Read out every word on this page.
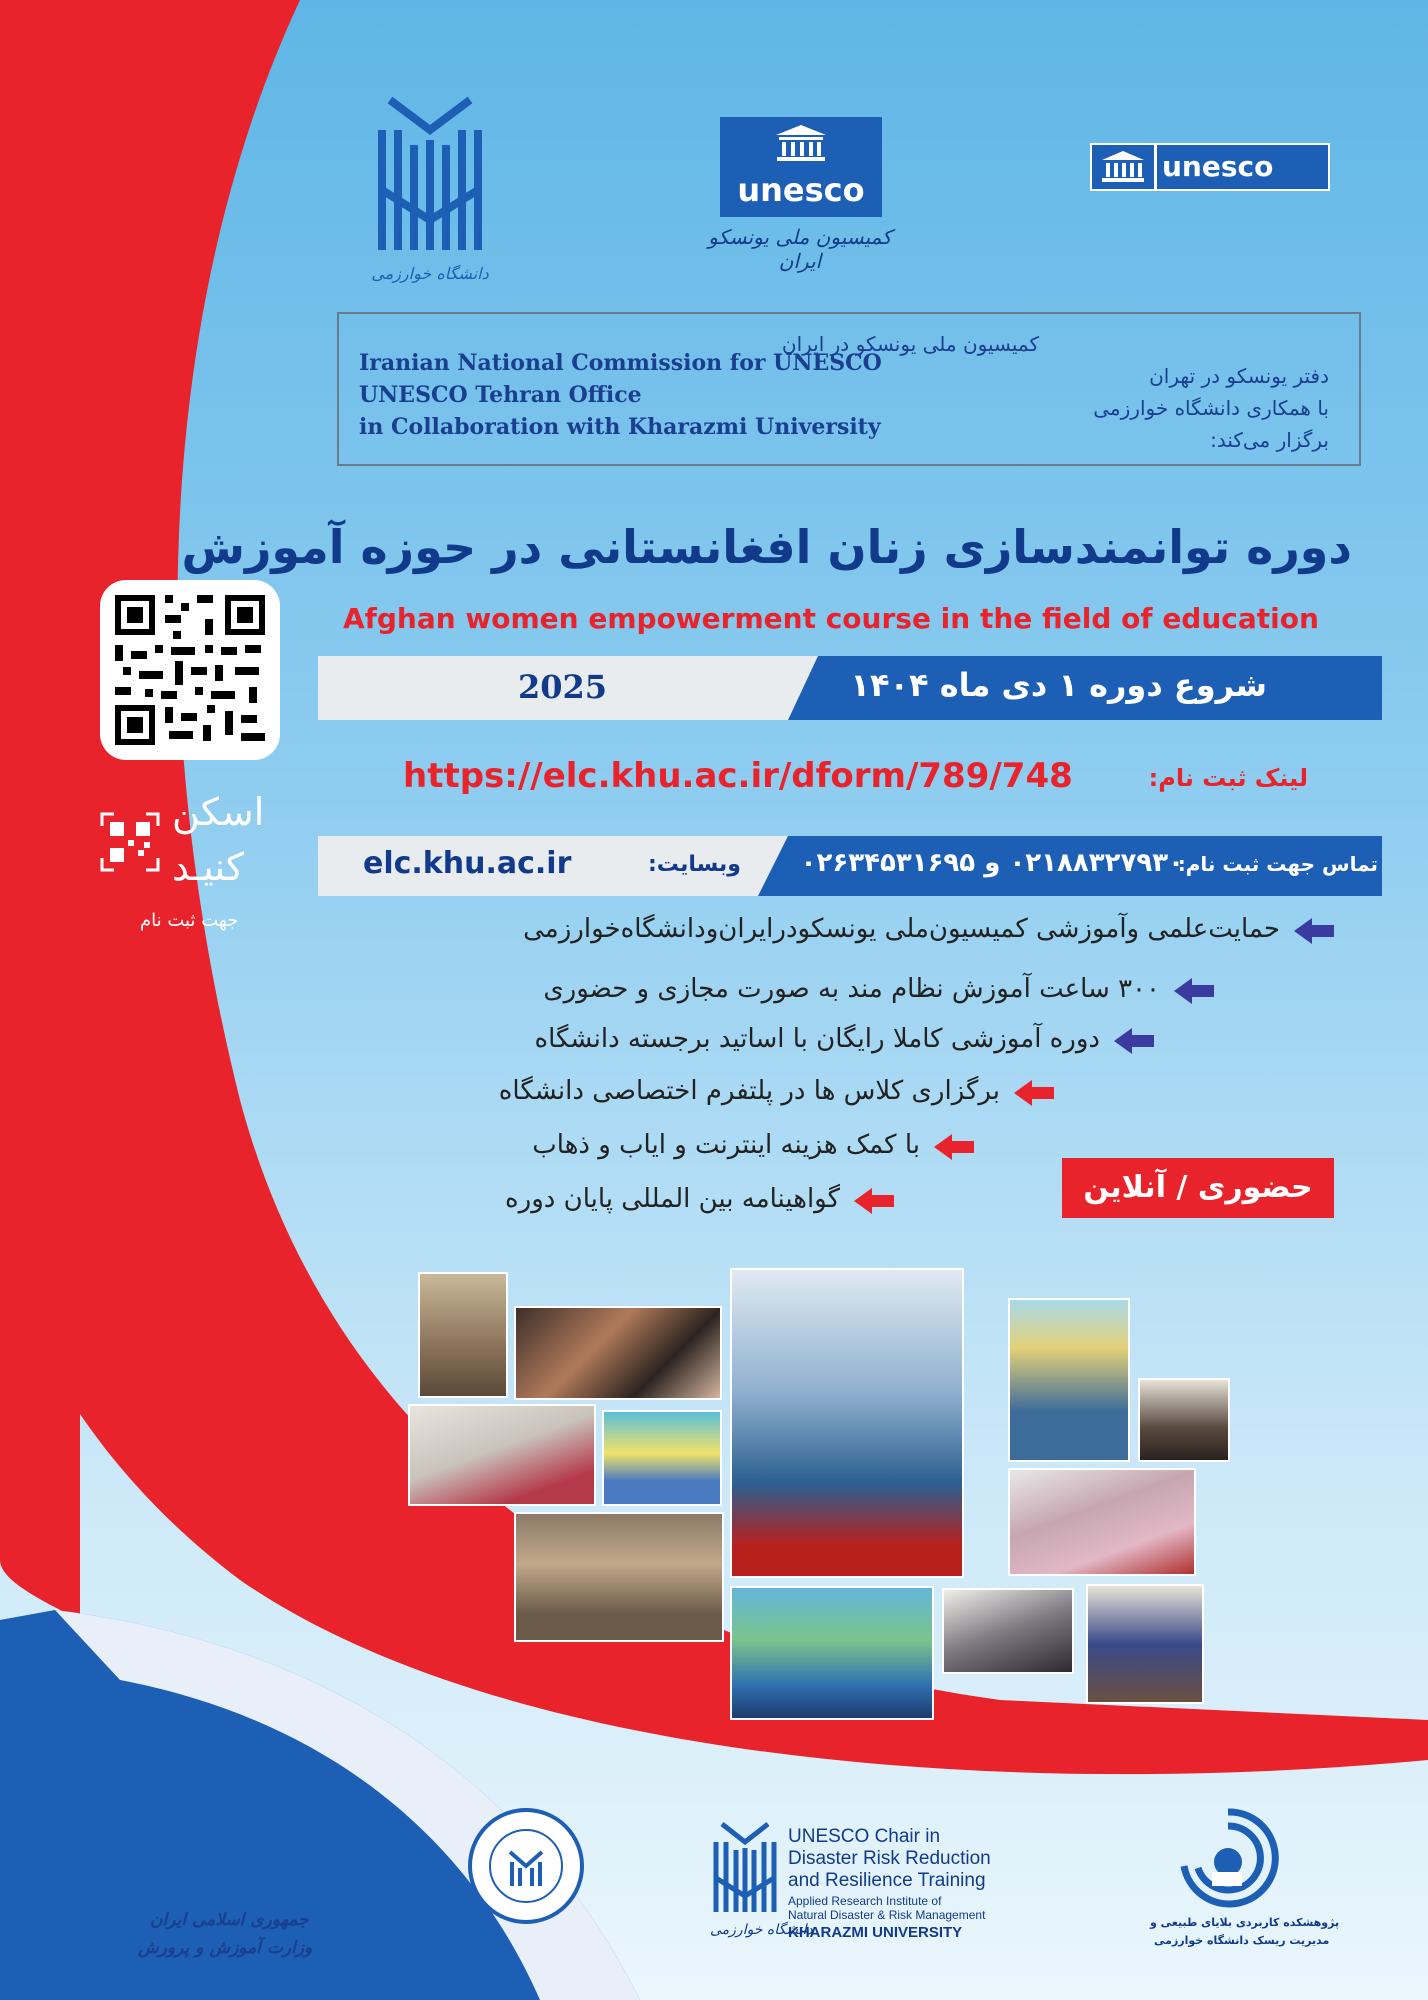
دانشگاه خوارزمی
unesco
کمیسیون ملی یونسکو ایران
unesco
Iranian National Commission for UNESCO
UNESCO Tehran Office
in Collaboration with Kharazmi University
کمیسیون ملی یونسکو در ایران
دفتر یونسکو در تهران
با همکاری دانشگاه خوارزمی
برگزار می‌کند:
دوره توانمندسازی زنان افغانستانی در حوزه آموزش
Afghan women empowerment course in the field of education
2025	شروع دوره ۱ دی ماه ۱۴۰۴
لینک ثبت نام:
https://elc.khu.ac.ir/dform/789/748
elc.khu.ac.ir	وبسایت:	تماس جهت ثبت نام:
۰۲۱۸۸۳۲۷۹۳۰ و ۰۲۶۳۴۵۳۱۶۹۵
اسکن
کنیـد
جهت ثبت نام	حمایت‌علمی وآموزشی کمیسیون‌ملی یونسکودرایران‌ودانشگاه‌خوارزمی
۳۰۰ ساعت آموزش نظام مند به صورت مجازی و حضوری
دوره آموزشی کاملا رایگان با اساتید برجسته دانشگاه
برگزاری کلاس ها در پلتفرم اختصاصی دانشگاه
با کمک هزینه اینترنت و ایاب و ذهاب
گواهینامه بین المللی پایان دوره	حضوری / آنلاین
جمهوری اسلامی ایران
وزارت آموزش و پرورش
دانشگاه خوارزمی
UNESCO Chair in
Disaster Risk Reduction
and Resilience Training
Applied Research Institute of
Natural Disaster & Risk Management
KHARAZMI UNIVERSITY
پژوهشکده کاربردی بلایای طبیعی و
مدیریت ریسک دانشگاه خوارزمی
